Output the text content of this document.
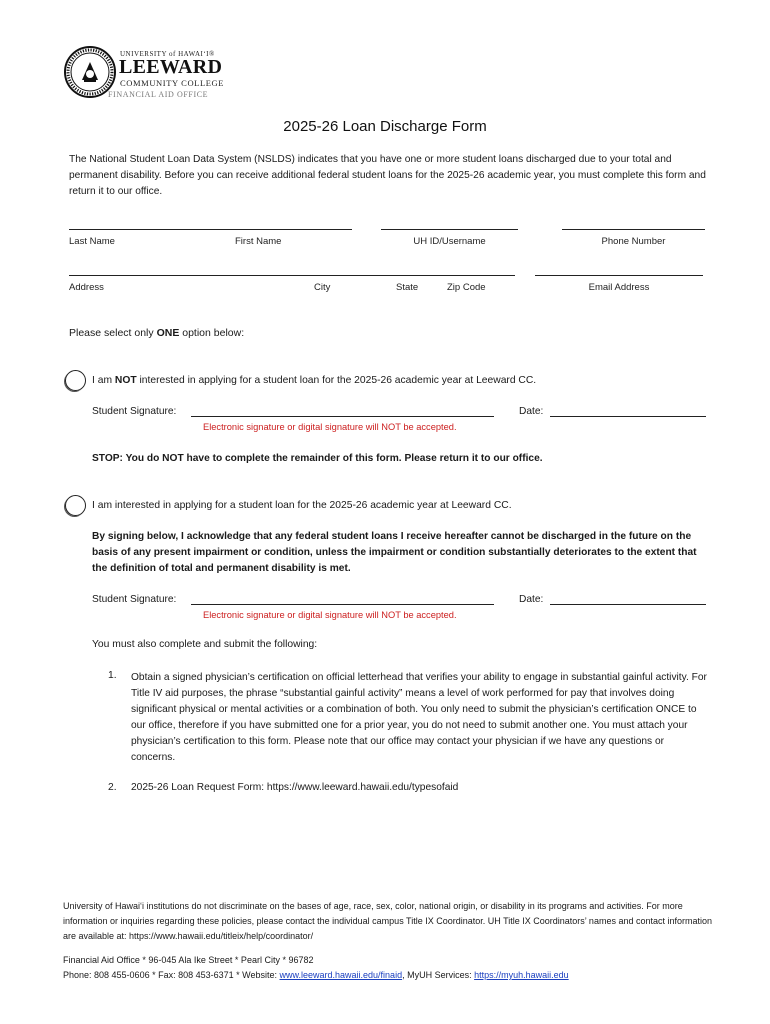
UNIVERSITY of HAWAI‘I®
LEEWARD
COMMUNITY COLLEGE
FINANCIAL AID OFFICE
2025-26 Loan Discharge Form
The National Student Loan Data System (NSLDS) indicates that you have one or more student loans discharged due to your total and permanent disability. Before you can receive additional federal student loans for the 2025-26 academic year, you must complete this form and return it to our office.
Last Name	First Name	UH ID/Username	Phone Number
Address	City	State	Zip Code	Email Address
Please select only ONE option below:
I am NOT interested in applying for a student loan for the 2025-26 academic year at Leeward CC.
Student Signature:	Date:
Electronic signature or digital signature will NOT be accepted.
STOP: You do NOT have to complete the remainder of this form. Please return it to our office.
I am interested in applying for a student loan for the 2025-26 academic year at Leeward CC.
By signing below, I acknowledge that any federal student loans I receive hereafter cannot be discharged in the future on the basis of any present impairment or condition, unless the impairment or condition substantially deteriorates to the extent that the definition of total and permanent disability is met.
Student Signature:	Date:
Electronic signature or digital signature will NOT be accepted.
You must also complete and submit the following:
1. Obtain a signed physician’s certification on official letterhead that verifies your ability to engage in substantial gainful activity. For Title IV aid purposes, the phrase “substantial gainful activity” means a level of work performed for pay that involves doing significant physical or mental activities or a combination of both. You only need to submit the physician’s certification ONCE to our office, therefore if you have submitted one for a prior year, you do not need to submit another one. You must attach your physician’s certification to this form. Please note that our office may contact your physician if we have any questions or concerns.
2. 2025-26 Loan Request Form: https://www.leeward.hawaii.edu/typesofaid
University of Hawai‘i institutions do not discriminate on the bases of age, race, sex, color, national origin, or disability in its programs and activities. For more information or inquiries regarding these policies, please contact the individual campus Title IX Coordinator. UH Title IX Coordinators’ names and contact information are available at: https://www.hawaii.edu/titleix/help/coordinator/
Financial Aid Office * 96-045 Ala Ike Street * Pearl City * 96782
Phone: 808 455-0606 * Fax: 808 453-6371 * Website: www.leeward.hawaii.edu/finaid, MyUH Services: https://myuh.hawaii.edu
